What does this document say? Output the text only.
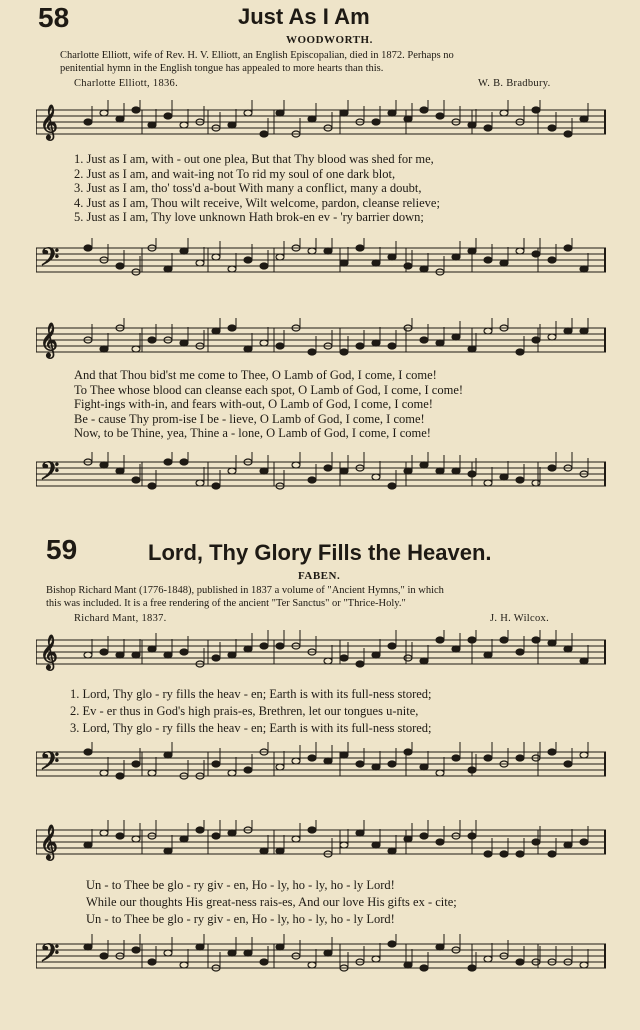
58	Just As I Am
WOODWORTH.
Charlotte Elliott, wife of Rev. H. V. Elliott, an English Episcopalian, died in 1872. Perhaps no
penitential hymn in the English tongue has appealed to more hearts than this.
Charlotte Elliott, 1836.	W. B. Bradbury.
𝄞
1. Just as I am, with - out one plea, But that Thy blood was shed for me,
2. Just as I am, and wait-ing not To rid my soul of one dark blot,
3. Just as I am, tho' toss'd a-bout With many a conflict, many a doubt,
4. Just as I am, Thou wilt receive, Wilt welcome, pardon, cleanse relieve;
5. Just as I am, Thy love unknown Hath brok-en ev - 'ry barrier down;
𝄢
𝄞
And that Thou bid'st me come to Thee, O Lamb of God, I come, I come!
To Thee whose blood can cleanse each spot, O Lamb of God, I come, I come!
Fight-ings with-in, and fears with-out, O Lamb of God, I come, I come!
Be - cause Thy prom-ise I be - lieve, O Lamb of God, I come, I come!
Now, to be Thine, yea, Thine a - lone, O Lamb of God, I come, I come!
𝄢
59	Lord, Thy Glory Fills the Heaven.
FABEN.
Bishop Richard Mant (1776-1848), published in 1837 a volume of "Ancient Hymns," in which
this was included. It is a free rendering of the ancient "Ter Sanctus" or "Thrice-Holy."
Richard Mant, 1837.	J. H. Wilcox.
𝄞
1. Lord, Thy glo - ry fills the heav - en; Earth is with its full-ness stored;
2. Ev - er thus in God's high prais-es, Brethren, let our tongues u-nite,
3. Lord, Thy glo - ry fills the heav - en; Earth is with its full-ness stored;
𝄢
𝄞
Un - to Thee be glo - ry giv - en, Ho - ly, ho - ly, ho - ly Lord!
While our thoughts His great-ness rais-es, And our love His gifts ex - cite;
Un - to Thee be glo - ry giv - en, Ho - ly, ho - ly, ho - ly Lord!
𝄢
